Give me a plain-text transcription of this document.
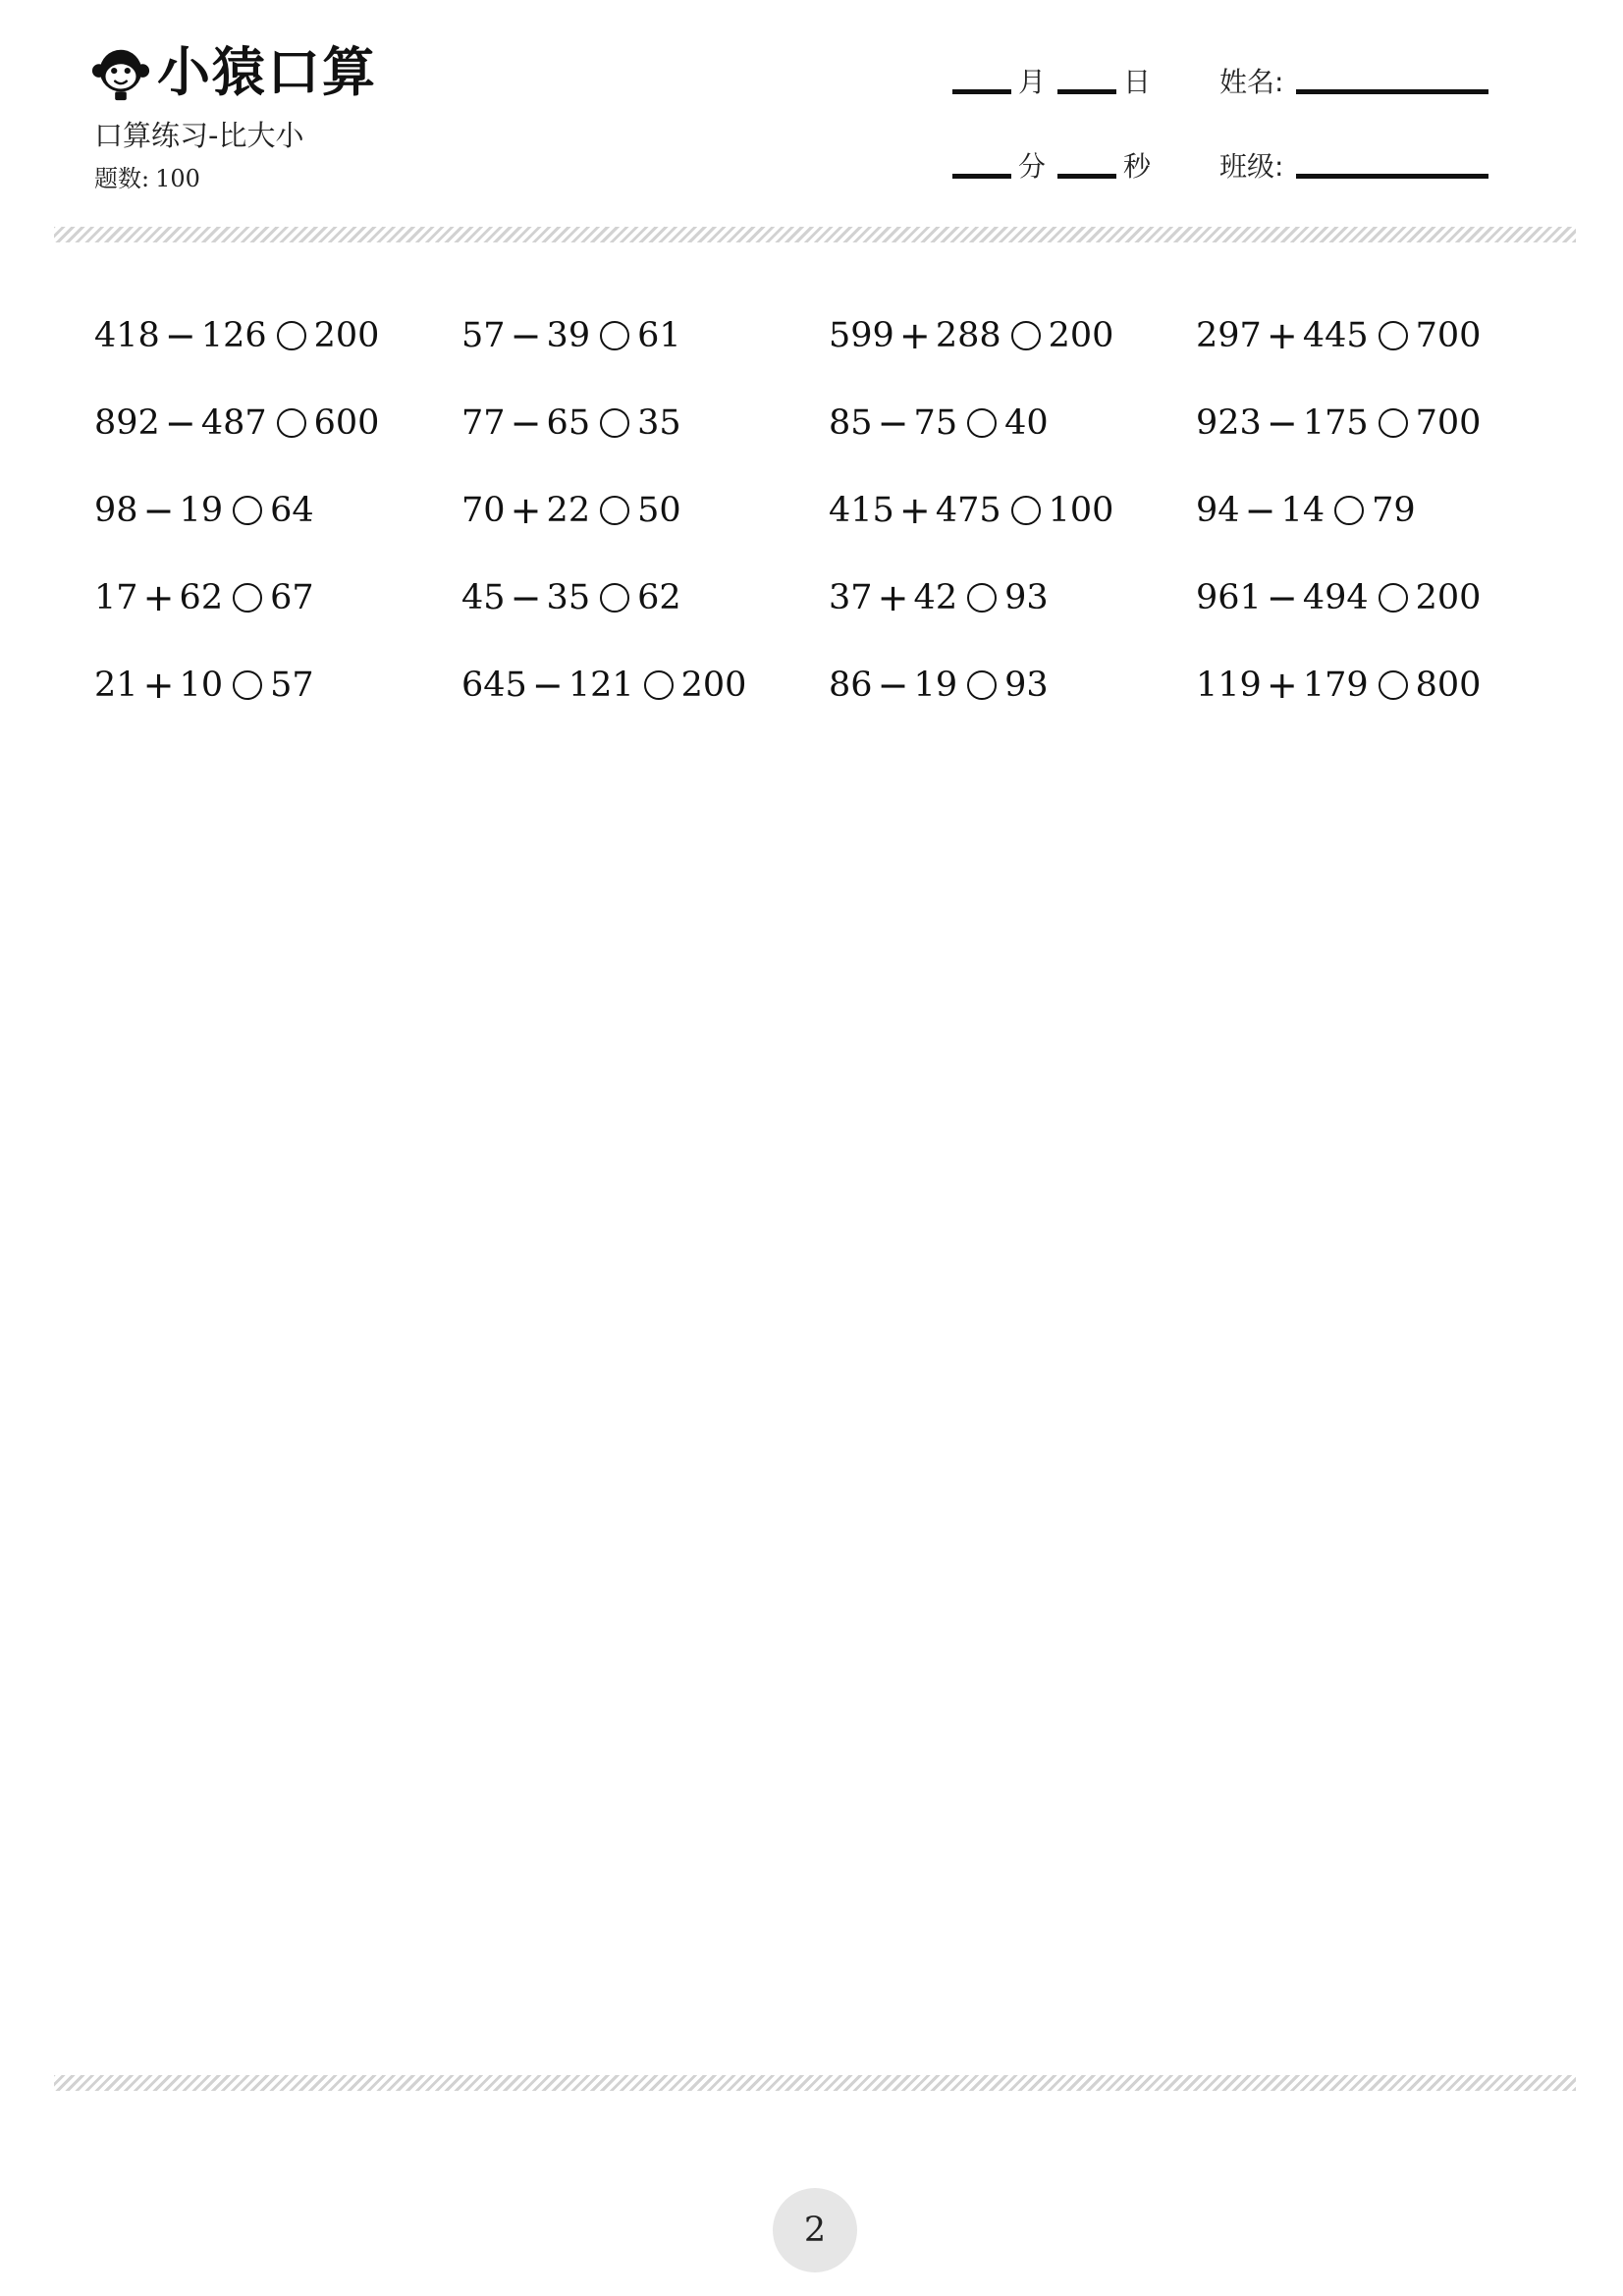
小猿口算
口算练习-比大小
题数: 100
月	日 姓名:
分	秒 班级:
418 − 126 200 57 − 39 61	599 + 288 200 297 + 445 700
892 − 487 600 77 − 65 35	85 − 75 40	923 − 175 700
98 − 19 64	70 + 22 50	415 + 475 100 94 − 14 79
17 + 62 67	45 − 35 62	37 + 42 93	961 − 494 200
21 + 10 57	645 − 121 200 86 − 19 93	119 + 179 800
2
